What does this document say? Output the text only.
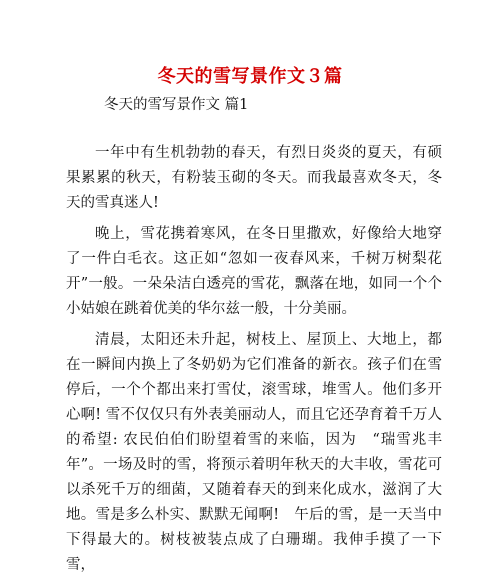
冬天的雪写景作文３篇

冬天的雪写景作文 篇1

一年中有生机勃勃的春天，有烈日炎炎的夏天，有硕果累累的秋天，有粉装玉砌的冬天。而我最喜欢冬天，冬天的雪真迷人!

晚上，雪花携着寒风，在冬日里撒欢，好像给大地穿了一件白毛衣。这正如“忽如一夜春风来，千树万树梨花开”一般。一朵朵洁白透亮的雪花，飘落在地，如同一个个小姑娘在跳着优美的华尔兹一般，十分美丽。

清晨，太阳还未升起，树枝上、屋顶上、大地上，都在一瞬间内换上了冬奶奶为它们准备的新衣。孩子们在雪停后，一个个都出来打雪仗，滚雪球，堆雪人。他们多开心啊! 雪不仅仅只有外表美丽动人，而且它还孕育着千万人的希望: 农民伯伯们盼望着雪的来临，因为　“瑞雪兆丰年”。一场及时的雪，将预示着明年秋天的大丰收，雪花可以杀死千万的细菌，又随着春天的到来化成水，滋润了大地。雪是多么朴实、默默无闻啊!　午后的雪，是一天当中下得最大的。树枝被装点成了白珊瑚。我伸手摸了一下雪，
